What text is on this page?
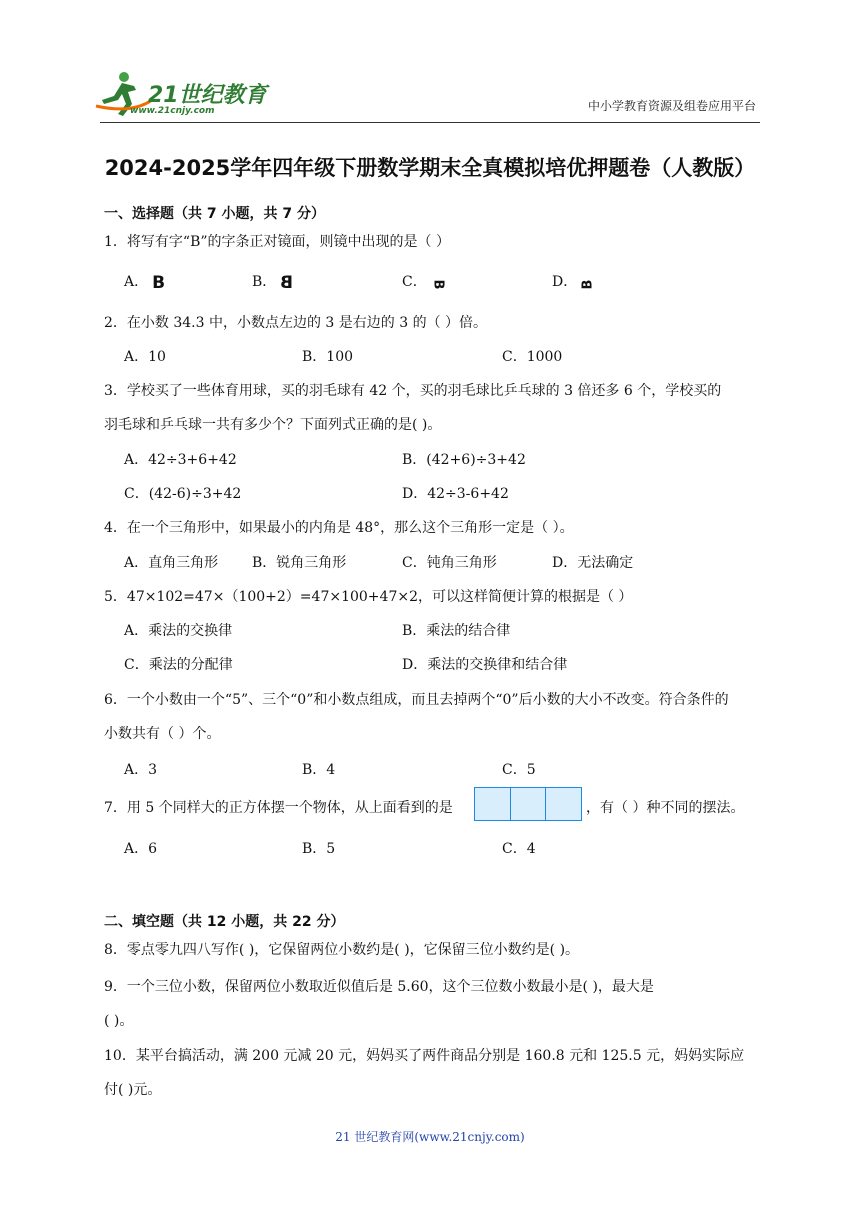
21世纪教育
www.21cnjy.com	中小学教育资源及组卷应用平台
2024-2025学年四年级下册数学期末全真模拟培优押题卷（人教版）
一、选择题（共 7 小题，共 7 分）
1．将写有字“B”的字条正对镜面，则镜中出现的是（ ）
A． B	B． B	C． B	D． B
2．在小数 34.3 中，小数点左边的 3 是右边的 3 的（ ）倍。
A．10	B．100	C．1000
3．学校买了一些体育用球，买的羽毛球有 42 个，买的羽毛球比乒乓球的 3 倍还多 6 个，学校买的
羽毛球和乒乓球一共有多少个？下面列式正确的是( )。
A．42÷3+6+42	B．(42+6)÷3+42
C．(42-6)÷3+42	D．42÷3-6+42
4．在一个三角形中，如果最小的内角是 48°，那么这个三角形一定是（ ）。
A．直角三角形 B．锐角三角形	C．钝角三角形	D．无法确定
5．47×102=47×（100+2）=47×100+47×2，可以这样简便计算的根据是（ ）
A．乘法的交换律	B．乘法的结合律
C．乘法的分配律	D．乘法的交换律和结合律
6．一个小数由一个“5”、三个“0”和小数点组成，而且去掉两个“0”后小数的大小不改变。符合条件的
小数共有（ ）个。
A．3	B．4	C．5
7．用 5 个同样大的正方体摆一个物体，从上面看到的是	，有（ ）种不同的摆法。
A．6	B．5	C．4
二、填空题（共 12 小题，共 22 分）
8．零点零九四八写作( )，它保留两位小数约是( )，它保留三位小数约是( )。
9．一个三位小数，保留两位小数取近似值后是 5.60，这个三位数小数最小是( )，最大是
( )。
10．某平台搞活动，满 200 元减 20 元，妈妈买了两件商品分别是 160.8 元和 125.5 元，妈妈实际应
付( )元。
21 世纪教育网(www.21cnjy.com)
